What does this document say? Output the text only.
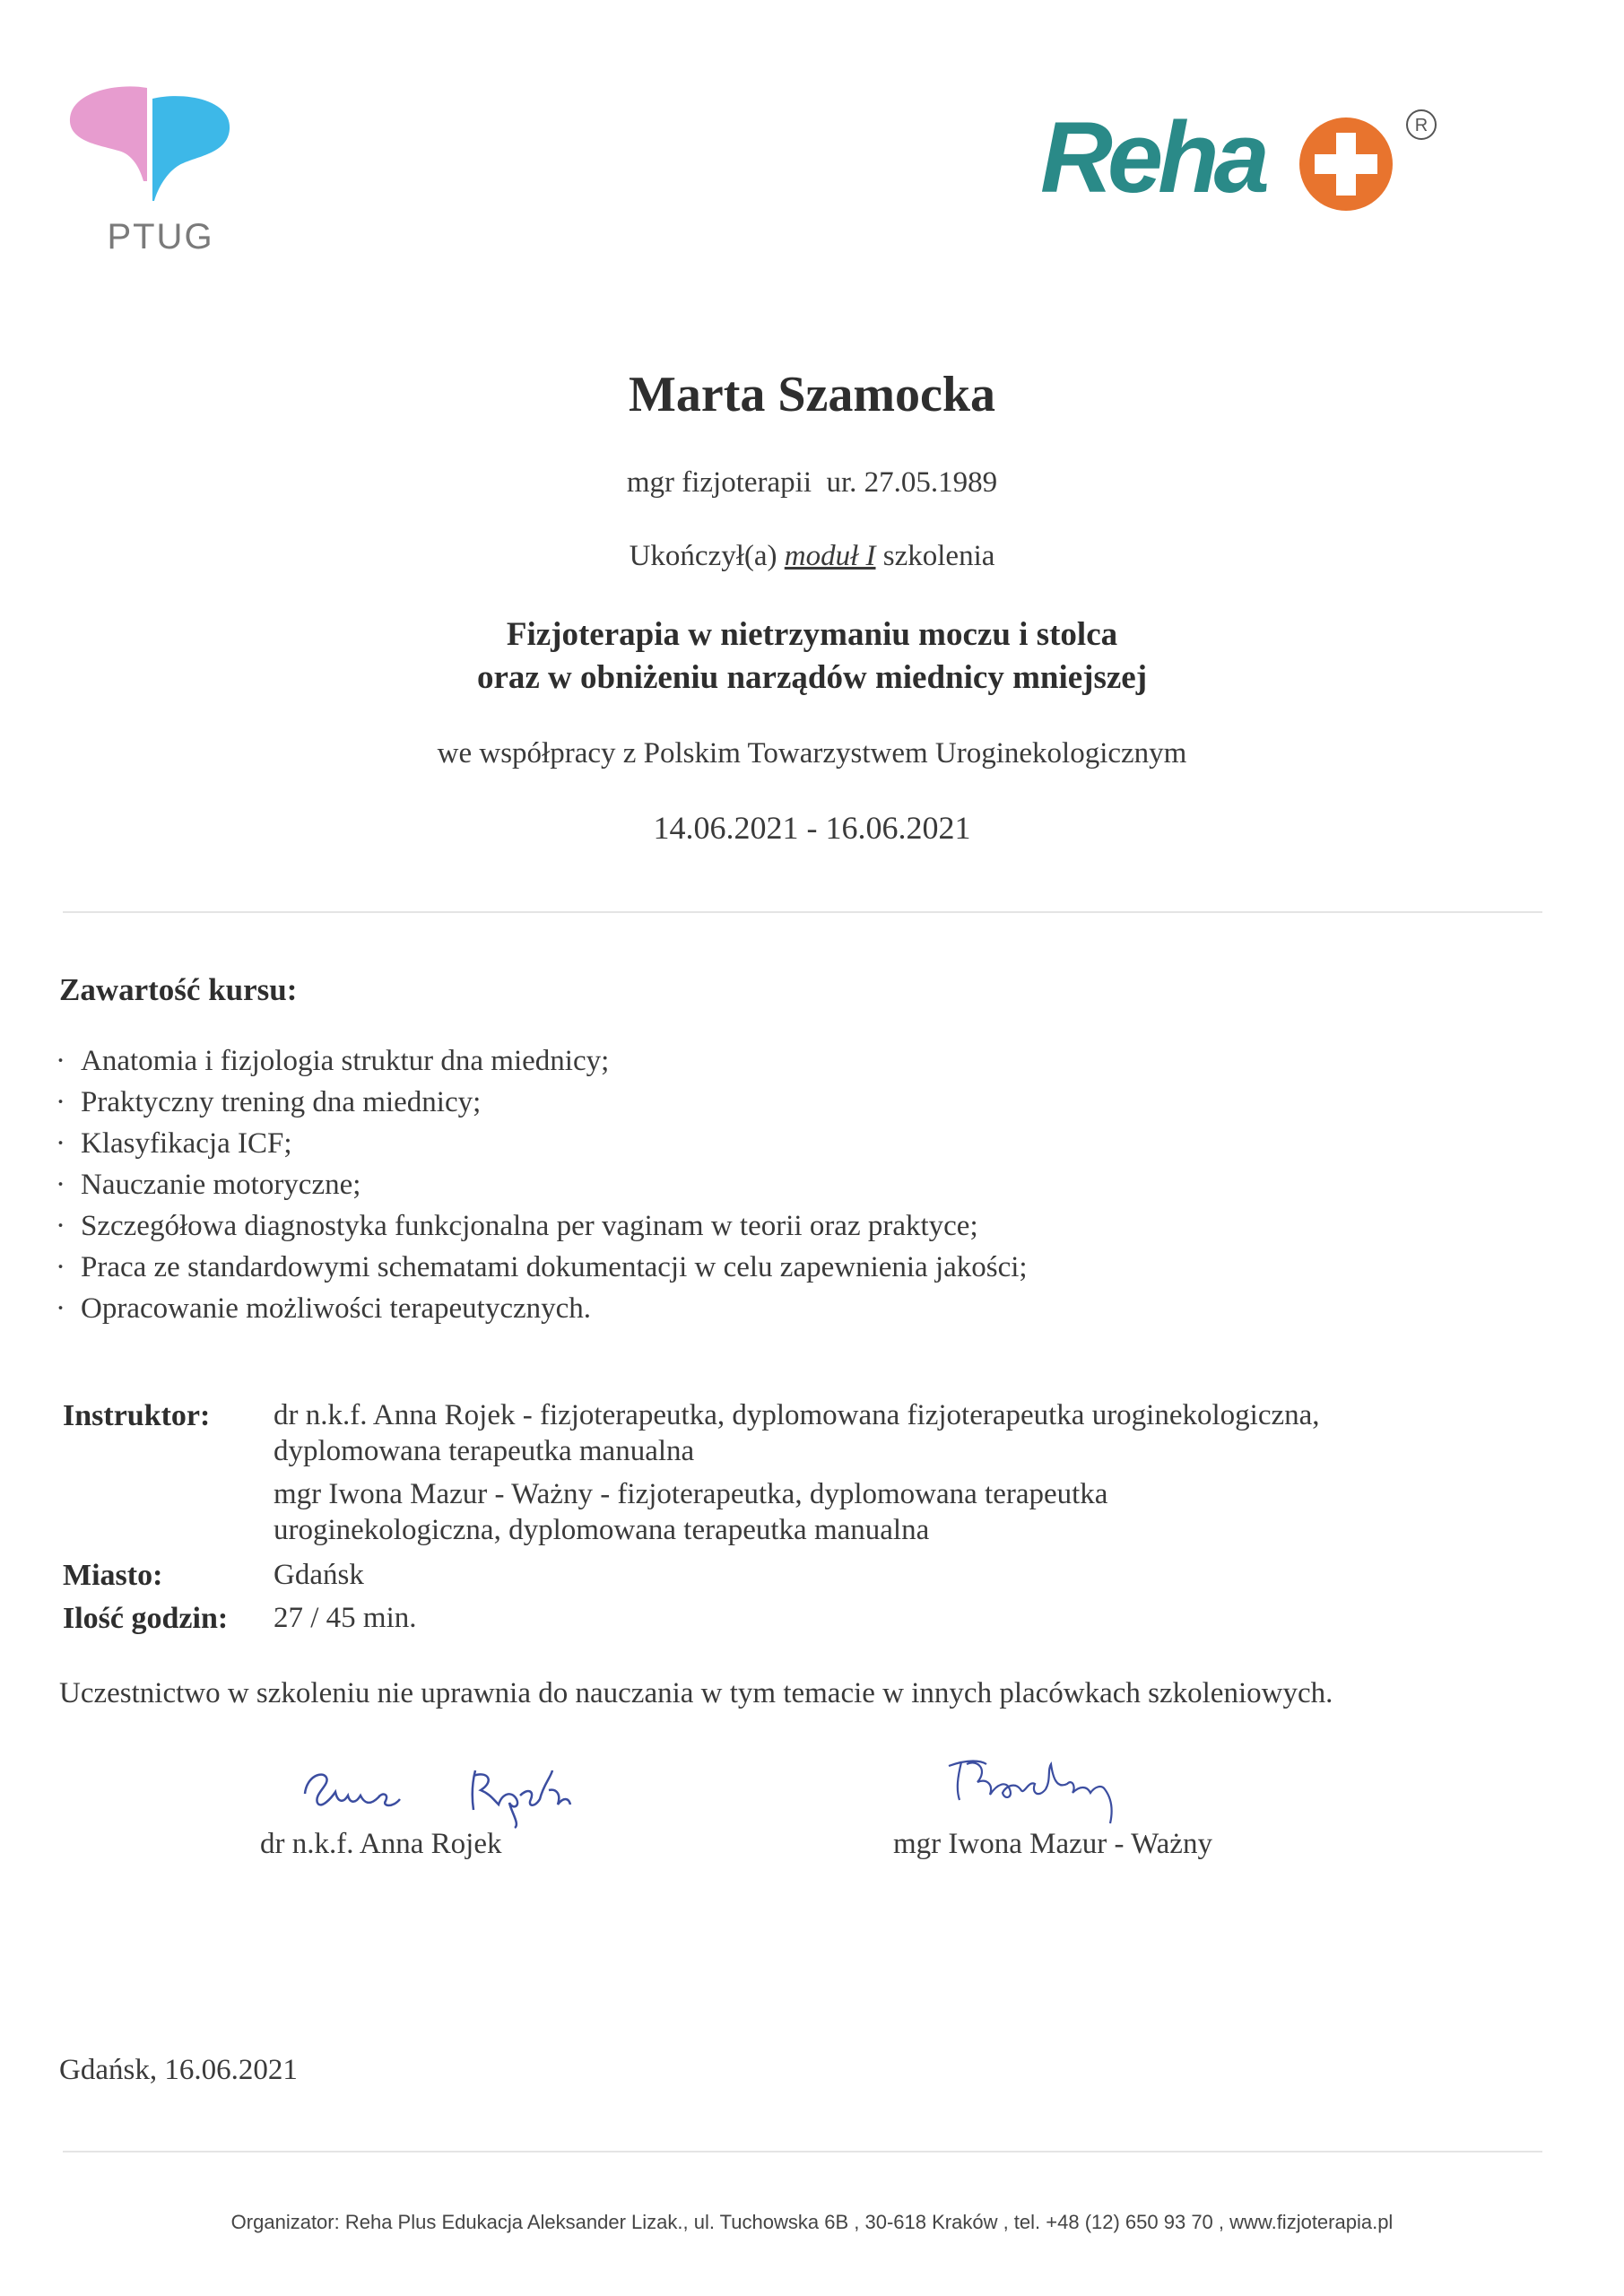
PTUG
Reha	R
Marta Szamocka
mgr fizjoterapii  ur. 27.05.1989
Ukończył(a) moduł I szkolenia
Fizjoterapia w nietrzymaniu moczu i stolca
oraz w obniżeniu narządów miednicy mniejszej
we współpracy z Polskim Towarzystwem Uroginekologicznym
14.06.2021 - 16.06.2021
Zawartość kursu:
· Anatomia i fizjologia struktur dna miednicy;
· Praktyczny trening dna miednicy;
· Klasyfikacja ICF;
· Nauczanie motoryczne;
· Szczegółowa diagnostyka funkcjonalna per vaginam w teorii oraz praktyce;
· Praca ze standardowymi schematami dokumentacji w celu zapewnienia jakości;
· Opracowanie możliwości terapeutycznych.
Instruktor: dr n.k.f. Anna Rojek - fizjoterapeutka, dyplomowana fizjoterapeutka uroginekologiczna,
dyplomowana terapeutka manualna
mgr Iwona Mazur - Ważny - fizjoterapeutka, dyplomowana terapeutka
uroginekologiczna, dyplomowana terapeutka manualna
Miasto:	Gdańsk
Ilość godzin: 27 / 45 min.
Uczestnictwo w szkoleniu nie uprawnia do nauczania w tym temacie w innych placówkach szkoleniowych.
dr n.k.f. Anna Rojek	mgr Iwona Mazur - Ważny
Gdańsk, 16.06.2021
Organizator: Reha Plus Edukacja Aleksander Lizak., ul. Tuchowska 6B , 30-618 Kraków , tel. +48 (12) 650 93 70 , www.fizjoterapia.pl
